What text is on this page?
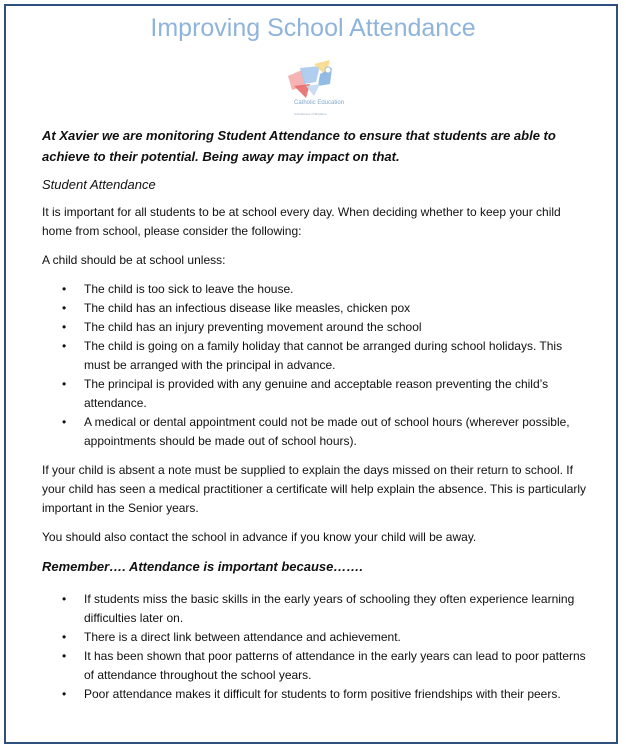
Improving School Attendance
Catholic Education
Archdiocese of Brisbane
At Xavier we are monitoring Student Attendance to ensure that students are able to achieve to their potential. Being away may impact on that.
Student Attendance

It is important for all students to be at school every day. When deciding whether to keep your child home from school, please consider the following:

A child should be at school unless:

• The child is too sick to leave the house.
• The child has an infectious disease like measles, chicken pox
• The child has an injury preventing movement around the school
• The child is going on a family holiday that cannot be arranged during school holidays. This must be arranged with the principal in advance.
• The principal is provided with any genuine and acceptable reason preventing the child’s attendance.
• A medical or dental appointment could not be made out of school hours (wherever possible, appointments should be made out of school hours).

If your child is absent a note must be supplied to explain the days missed on their return to school. If your child has seen a medical practitioner a certificate will help explain the absence. This is particularly important in the Senior years.

You should also contact the school in advance if you know your child will be away.

Remember…. Attendance is important because…….
• If students miss the basic skills in the early years of schooling they often experience learning difficulties later on.
• There is a direct link between attendance and achievement.
• It has been shown that poor patterns of attendance in the early years can lead to poor patterns of attendance throughout the school years.
• Poor attendance makes it difficult for students to form positive friendships with their peers.
